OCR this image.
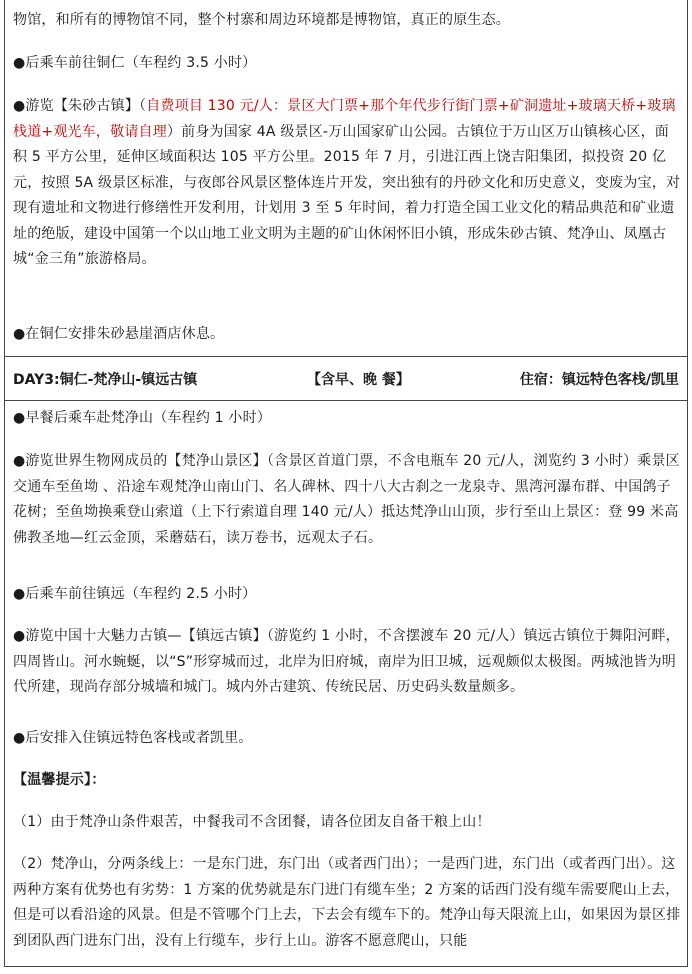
物馆，和所有的博物馆不同，整个村寨和周边环境都是博物馆，真正的原生态。

●后乘车前往铜仁（车程约 3.5 小时）

●游览【朱砂古镇】（自费项目 130 元/人：景区大门票+那个年代步行街门票+矿洞遗址+玻璃天桥+玻璃栈道+观光车，敬请自理）前身为国家 4A 级景区-万山国家矿山公园。古镇位于万山区万山镇核心区，面积 5 平方公里，延伸区域面积达 105 平方公里。2015 年 7 月，引进江西上饶吉阳集团，拟投资 20 亿元，按照 5A 级景区标准，与夜郎谷风景区整体连片开发，突出独有的丹砂文化和历史意义，变废为宝，对现有遗址和文物进行修缮性开发利用，计划用 3 至 5 年时间，着力打造全国工业文化的精品典范和矿业遗址的绝版，建设中国第一个以山地工业文明为主题的矿山休闲怀旧小镇，形成朱砂古镇、梵净山、凤凰古城“金三角”旅游格局。

●在铜仁安排朱砂悬崖酒店休息。

DAY3:铜仁-梵净山-镇远古镇	【含早、晚 餐】	住宿：镇远特色客栈/凯里

●早餐后乘车赴梵净山（车程约 1 小时）

●游览世界生物网成员的【梵净山景区】（含景区首道门票，不含电瓶车 20 元/人，浏览约 3 小时）乘景区交通车至鱼坳 、沿途车观梵净山南山门、名人碑林、四十八大古刹之一龙泉寺、黑湾河瀑布群、中国鸽子花树；至鱼坳换乘登山索道（上下行索道自理 140 元/人）抵达梵净山山顶，步行至山上景区：登 99 米高佛教圣地—红云金顶，采蘑菇石，读万卷书，远观太子石。

●后乘车前往镇远（车程约 2.5 小时）

●游览中国十大魅力古镇—【镇远古镇】（游览约 1 小时，不含摆渡车 20 元/人）镇远古镇位于舞阳河畔，四周皆山。河水蜿蜒，以“S”形穿城而过，北岸为旧府城，南岸为旧卫城，远观颇似太极图。两城池皆为明代所建，现尚存部分城墙和城门。城内外古建筑、传统民居、历史码头数量颇多。

●后安排入住镇远特色客栈或者凯里。

【温馨提示】：

（1）由于梵净山条件艰苦，中餐我司不含团餐，请各位团友自备干粮上山！

（2）梵净山，分两条线上：一是东门进，东门出（或者西门出）；一是西门进，东门出（或者西门出）。这两种方案有优势也有劣势：1 方案的优势就是东门进门有缆车坐；2 方案的话西门没有缆车需要爬山上去，但是可以看沿途的风景。但是不管哪个门上去，下去会有缆车下的。梵净山每天限流上山，如果因为景区排到团队西门进东门出，没有上行缆车，步行上山。游客不愿意爬山，只能
